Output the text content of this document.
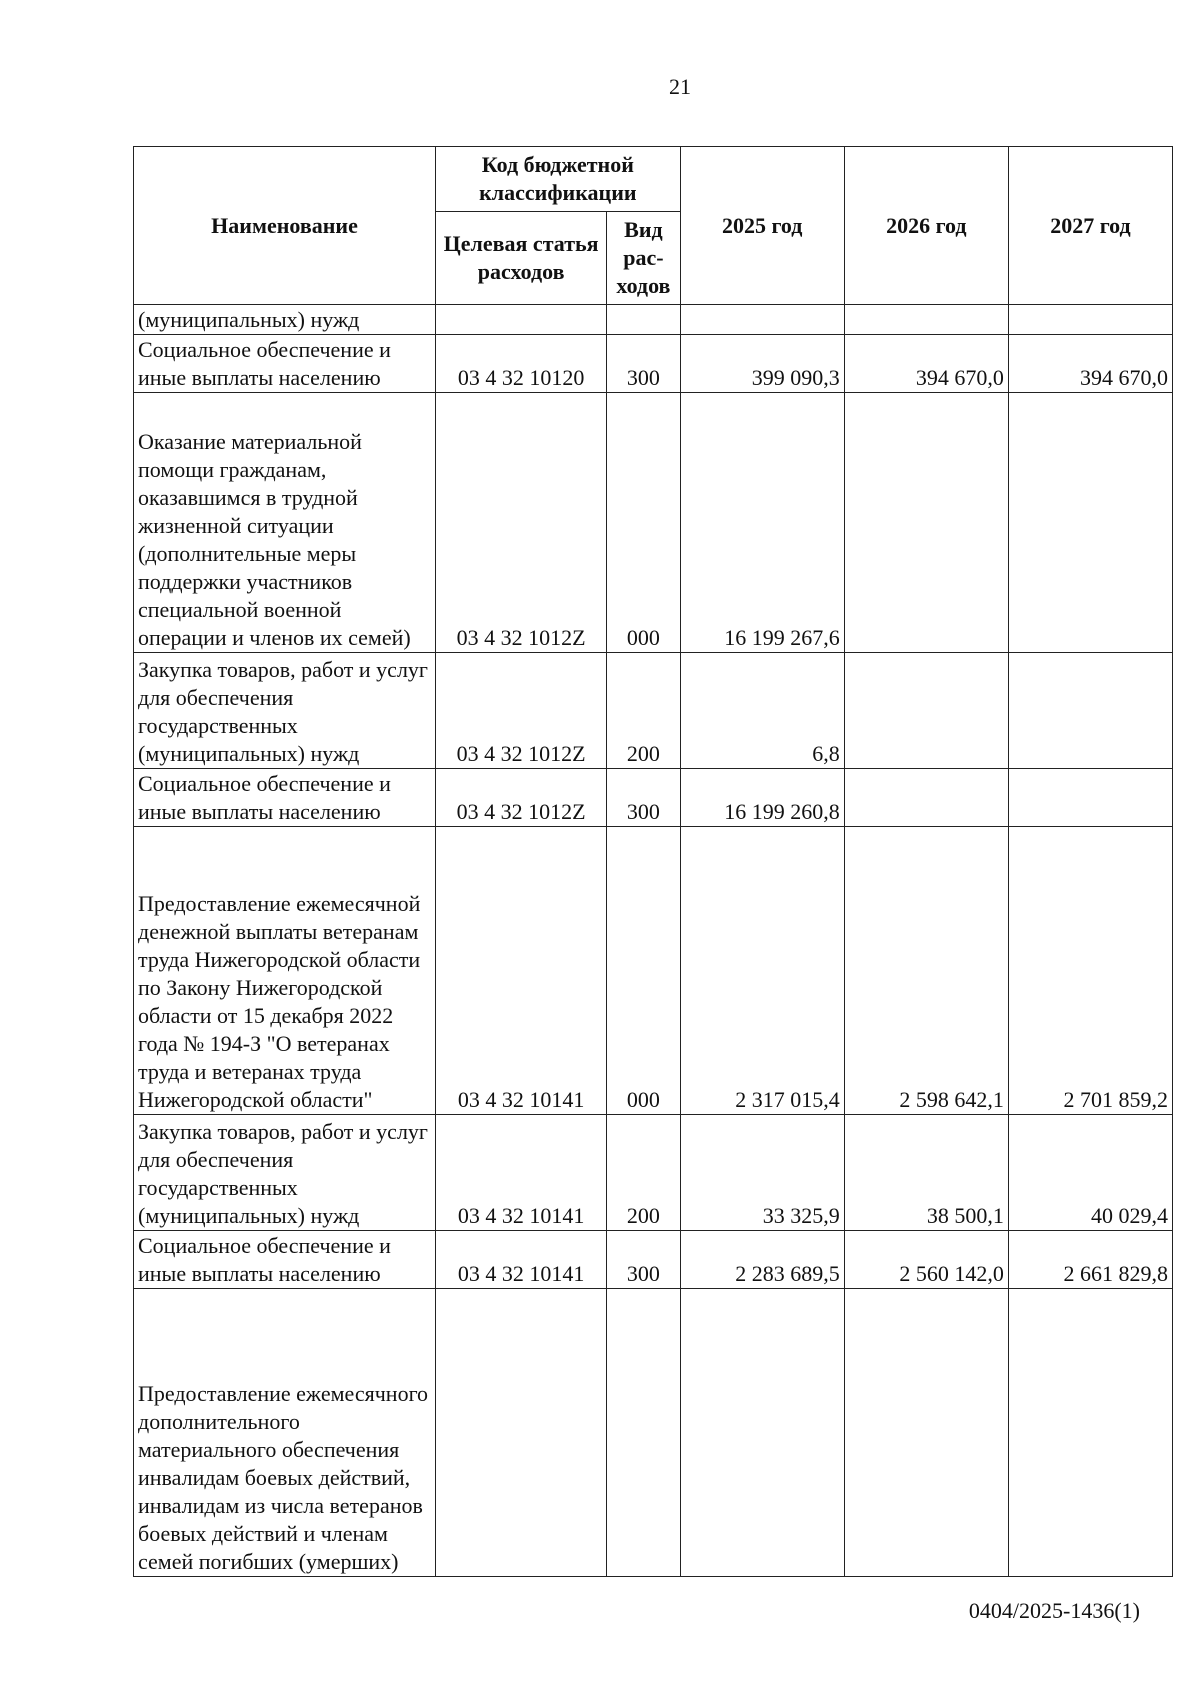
21
Наименование	Код бюджетной классификации		2025 год	2026 год	2027 год
	Целевая статья расходов	Вид рас-ходов			
(муниципальных) нужд					
Социальное обеспечение и иные выплаты населению	03 4 32 10120	300	399 090,3	394 670,0	394 670,0
Оказание материальной помощи гражданам, оказавшимся в трудной жизненной ситуации (дополнительные меры поддержки участников специальной военной операции и членов их семей)	03 4 32 1012Z	000	16 199 267,6		
Закупка товаров, работ и услуг для обеспечения государственных (муниципальных) нужд	03 4 32 1012Z	200	6,8		
Социальное обеспечение и иные выплаты населению	03 4 32 1012Z	300	16 199 260,8		
Предоставление ежемесячной денежной выплаты ветеранам труда Нижегородской области по Закону Нижегородской области от 15 декабря 2022 года № 194-З "О ветеранах труда и ветеранах труда Нижегородской области"	03 4 32 10141	000	2 317 015,4	2 598 642,1	2 701 859,2
Закупка товаров, работ и услуг для обеспечения государственных (муниципальных) нужд	03 4 32 10141	200	33 325,9	38 500,1	40 029,4
Социальное обеспечение и иные выплаты населению	03 4 32 10141	300	2 283 689,5	2 560 142,0	2 661 829,8
Предоставление ежемесячного дополнительного материального обеспечения инвалидам боевых действий, инвалидам из числа ветеранов боевых действий и членам семей погибших (умерших)					
0404/2025-1436(1)
